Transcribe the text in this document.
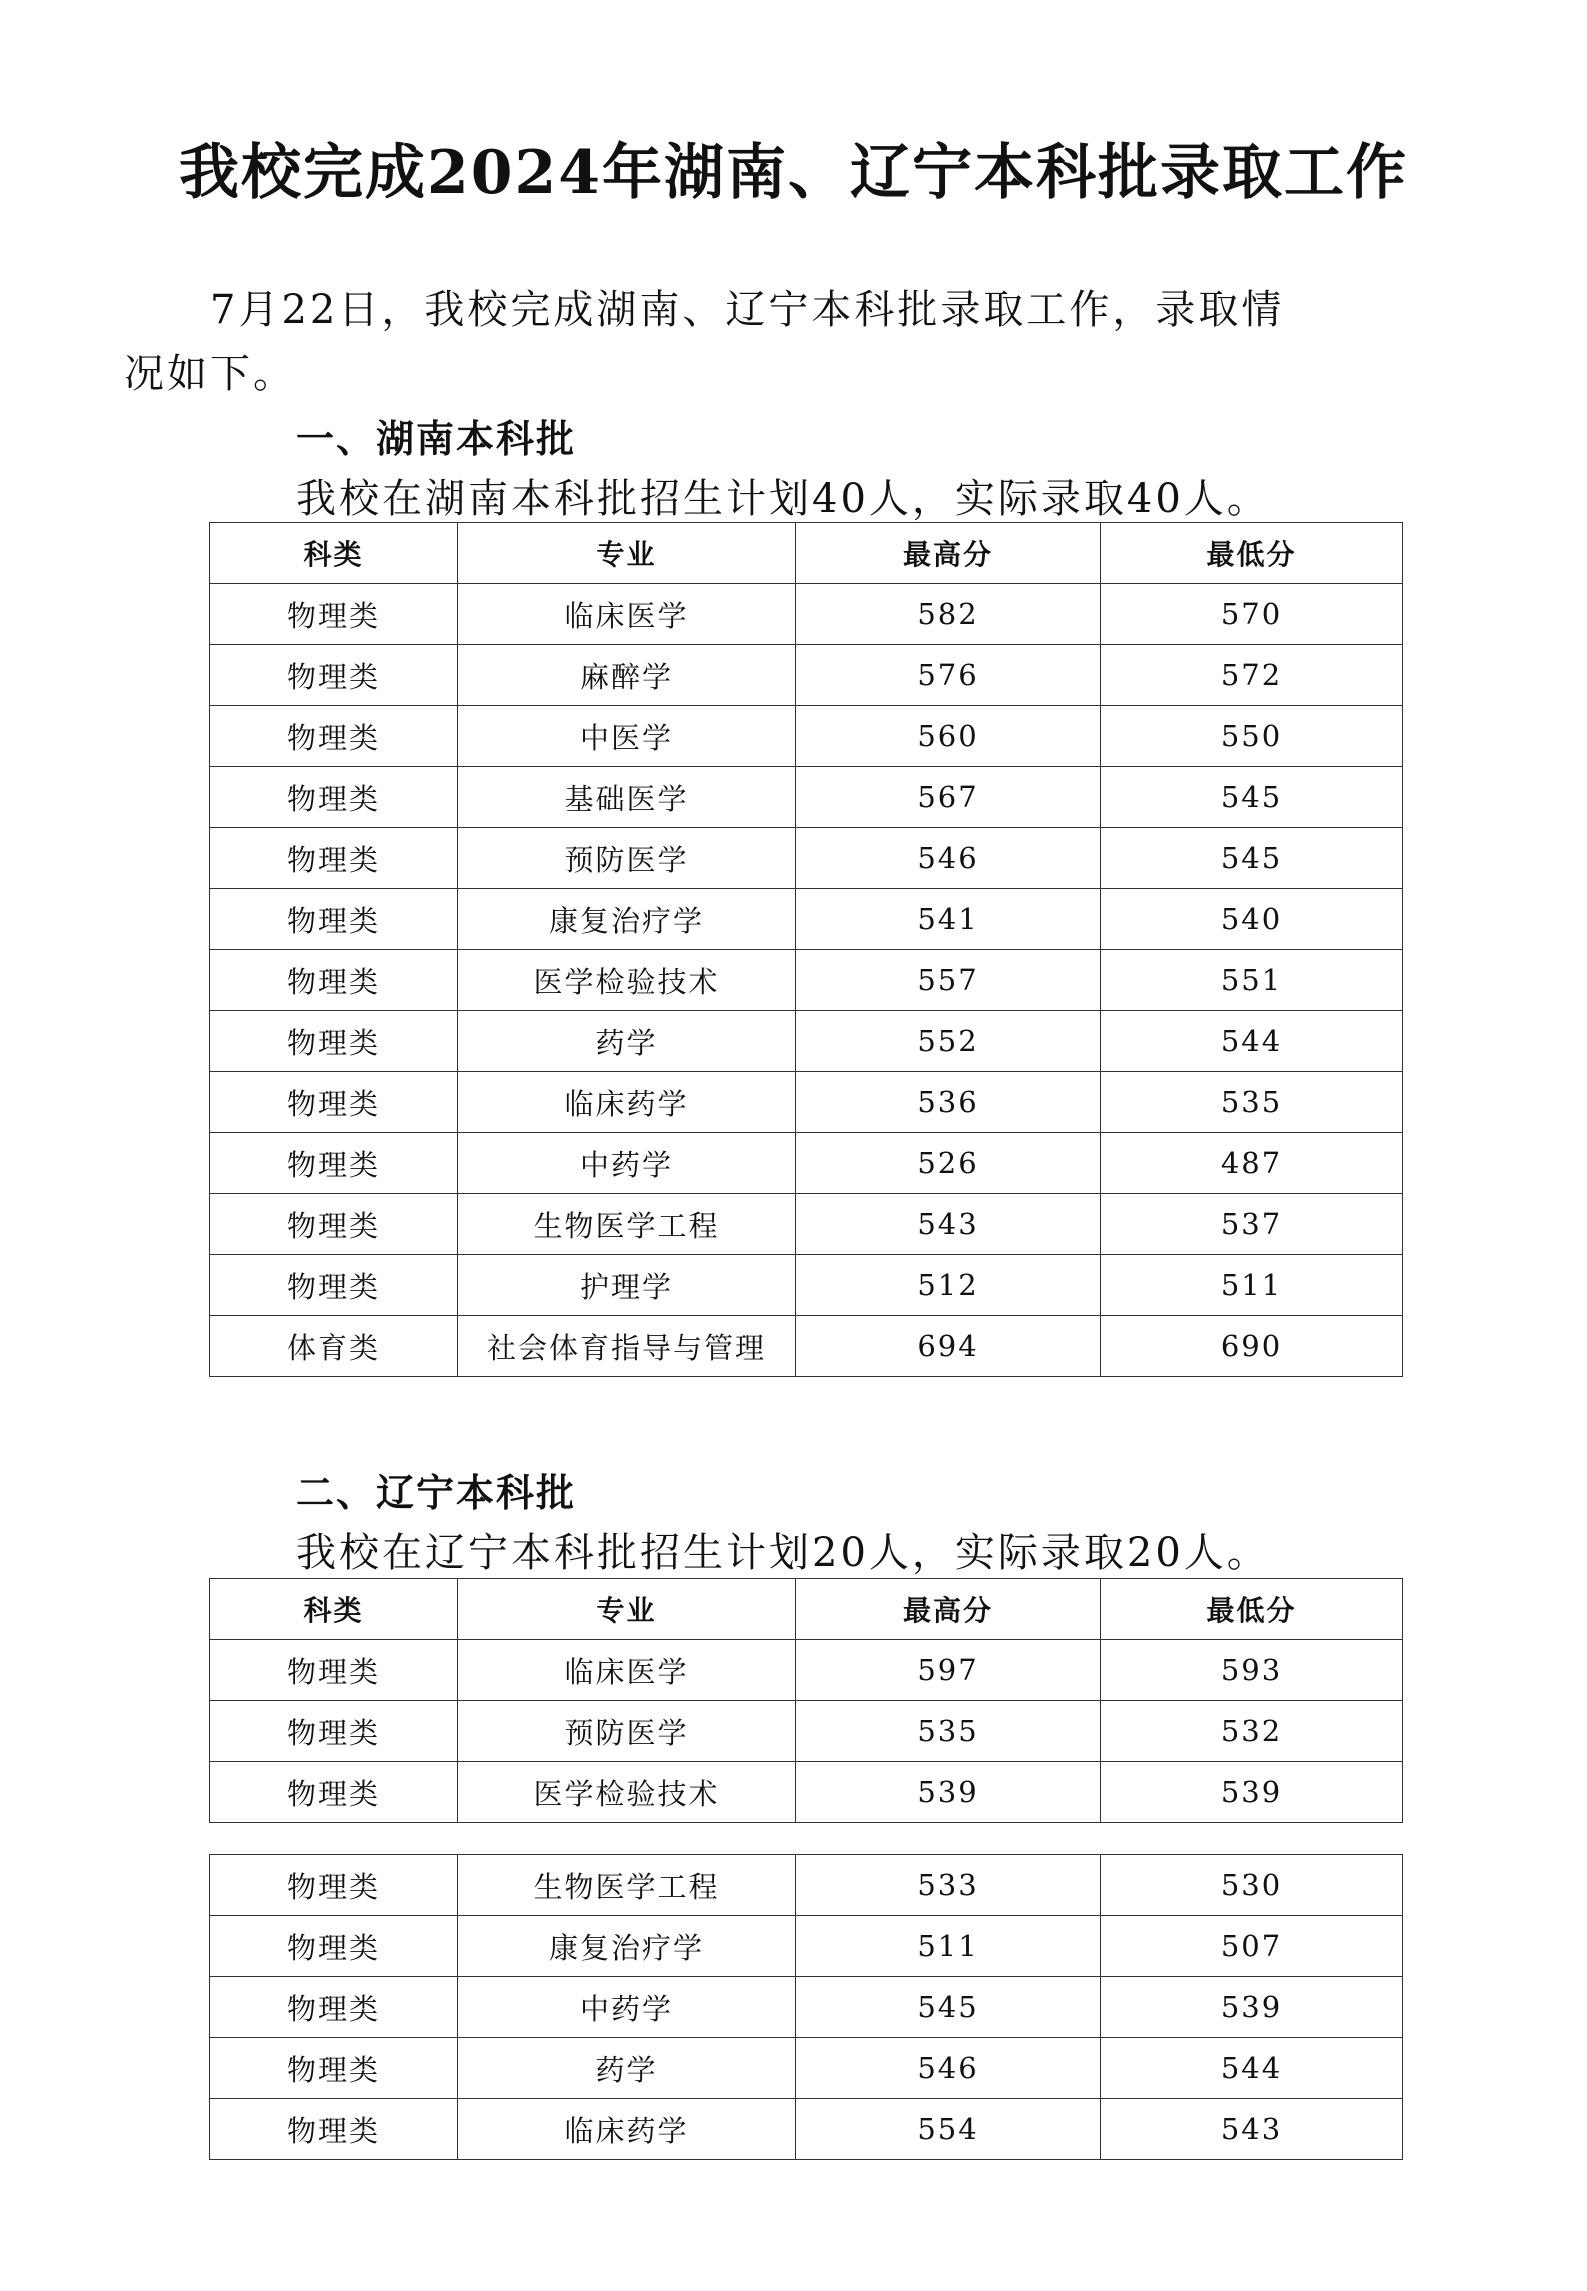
我校完成2024年湖南、辽宁本科批录取工作
7月22日，我校完成湖南、辽宁本科批录取工作，录取情况如下。
一、湖南本科批
我校在湖南本科批招生计划40人，实际录取40人。
科类	专业	最高分	最低分
物理类	临床医学	582	570
物理类	麻醉学	576	572
物理类	中医学	560	550
物理类	基础医学	567	545
物理类	预防医学	546	545
物理类	康复治疗学	541	540
物理类	医学检验技术	557	551
物理类	药学	552	544
物理类	临床药学	536	535
物理类	中药学	526	487
物理类	生物医学工程	543	537
物理类	护理学	512	511
体育类	社会体育指导与管理	694	690
二、辽宁本科批
我校在辽宁本科批招生计划20人，实际录取20人。
科类	专业	最高分	最低分
物理类	临床医学	597	593
物理类	预防医学	535	532
物理类	医学检验技术	539	539
物理类	生物医学工程	533	530
物理类	康复治疗学	511	507
物理类	中药学	545	539
物理类	药学	546	544
物理类	临床药学	554	543
